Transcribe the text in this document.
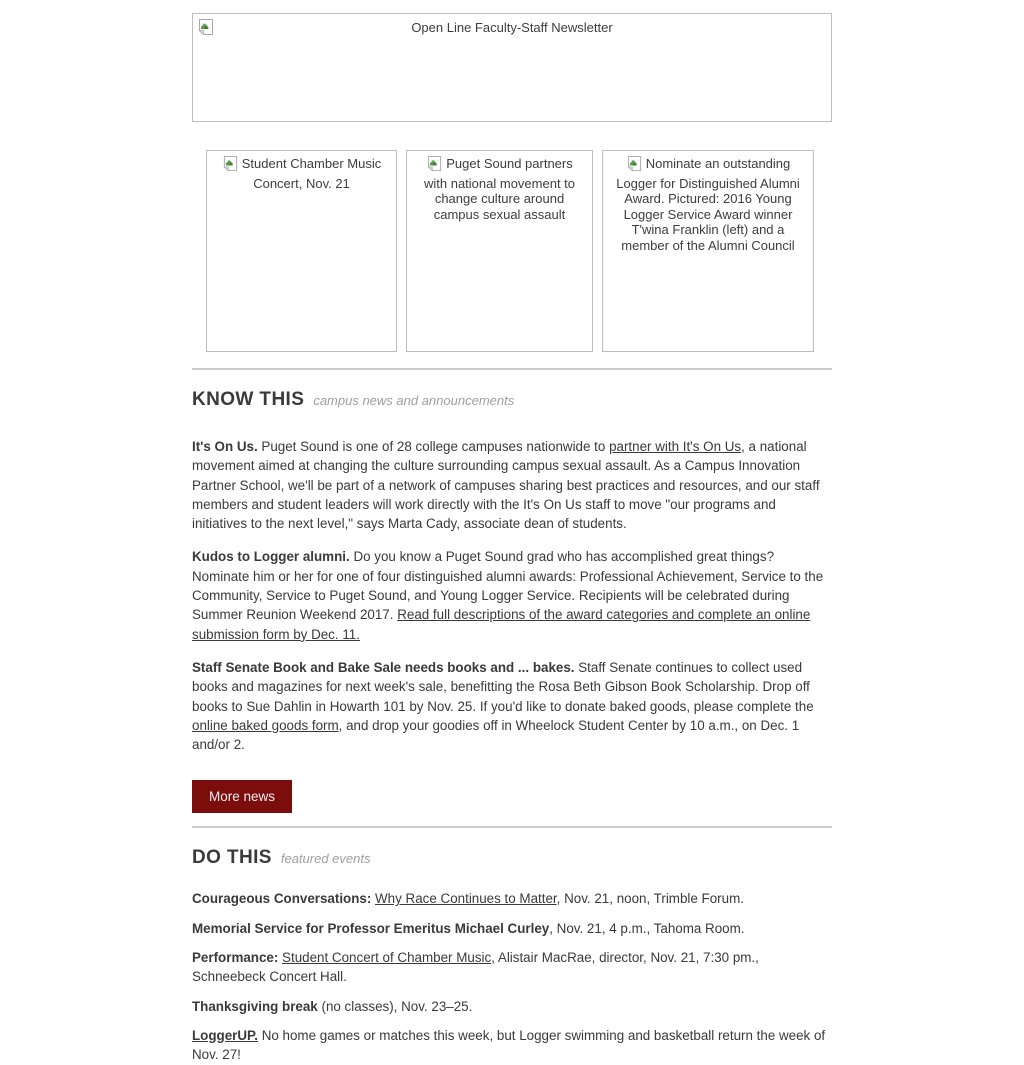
Open Line Faculty-Staff Newsletter
Student Chamber Music Concert, Nov. 21
Puget Sound partners with national movement to change culture around campus sexual assault
Nominate an outstanding Logger for Distinguished Alumni Award. Pictured: 2016 Young Logger Service Award winner T'wina Franklin (left) and a member of the Alumni Council
KNOW THIS campus news and announcements

It's On Us. Puget Sound is one of 28 college campuses nationwide to partner with It's On Us, a national movement aimed at changing the culture surrounding campus sexual assault. As a Campus Innovation Partner School, we'll be part of a network of campuses sharing best practices and resources, and our staff members and student leaders will work directly with the It's On Us staff to move "our programs and initiatives to the next level," says Marta Cady, associate dean of students.

Kudos to Logger alumni. Do you know a Puget Sound grad who has accomplished great things? Nominate him or her for one of four distinguished alumni awards: Professional Achievement, Service to the Community, Service to Puget Sound, and Young Logger Service. Recipients will be celebrated during Summer Reunion Weekend 2017. Read full descriptions of the award categories and complete an online submission form by Dec. 11.

Staff Senate Book and Bake Sale needs books and ... bakes. Staff Senate continues to collect used books and magazines for next week's sale, benefitting the Rosa Beth Gibson Book Scholarship. Drop off books to Sue Dahlin in Howarth 101 by Nov. 25. If you'd like to donate baked goods, please complete the online baked goods form, and drop your goodies off in Wheelock Student Center by 10 a.m., on Dec. 1 and/or 2.

More news
DO THIS featured events

Courageous Conversations: Why Race Continues to Matter, Nov. 21, noon, Trimble Forum.

Memorial Service for Professor Emeritus Michael Curley, Nov. 21, 4 p.m., Tahoma Room.

Performance: Student Concert of Chamber Music, Alistair MacRae, director, Nov. 21, 7:30 pm., Schneebeck Concert Hall.

Thanksgiving break (no classes), Nov. 23–25.

LoggerUP. No home games or matches this week, but Logger swimming and basketball return the week of Nov. 27!
